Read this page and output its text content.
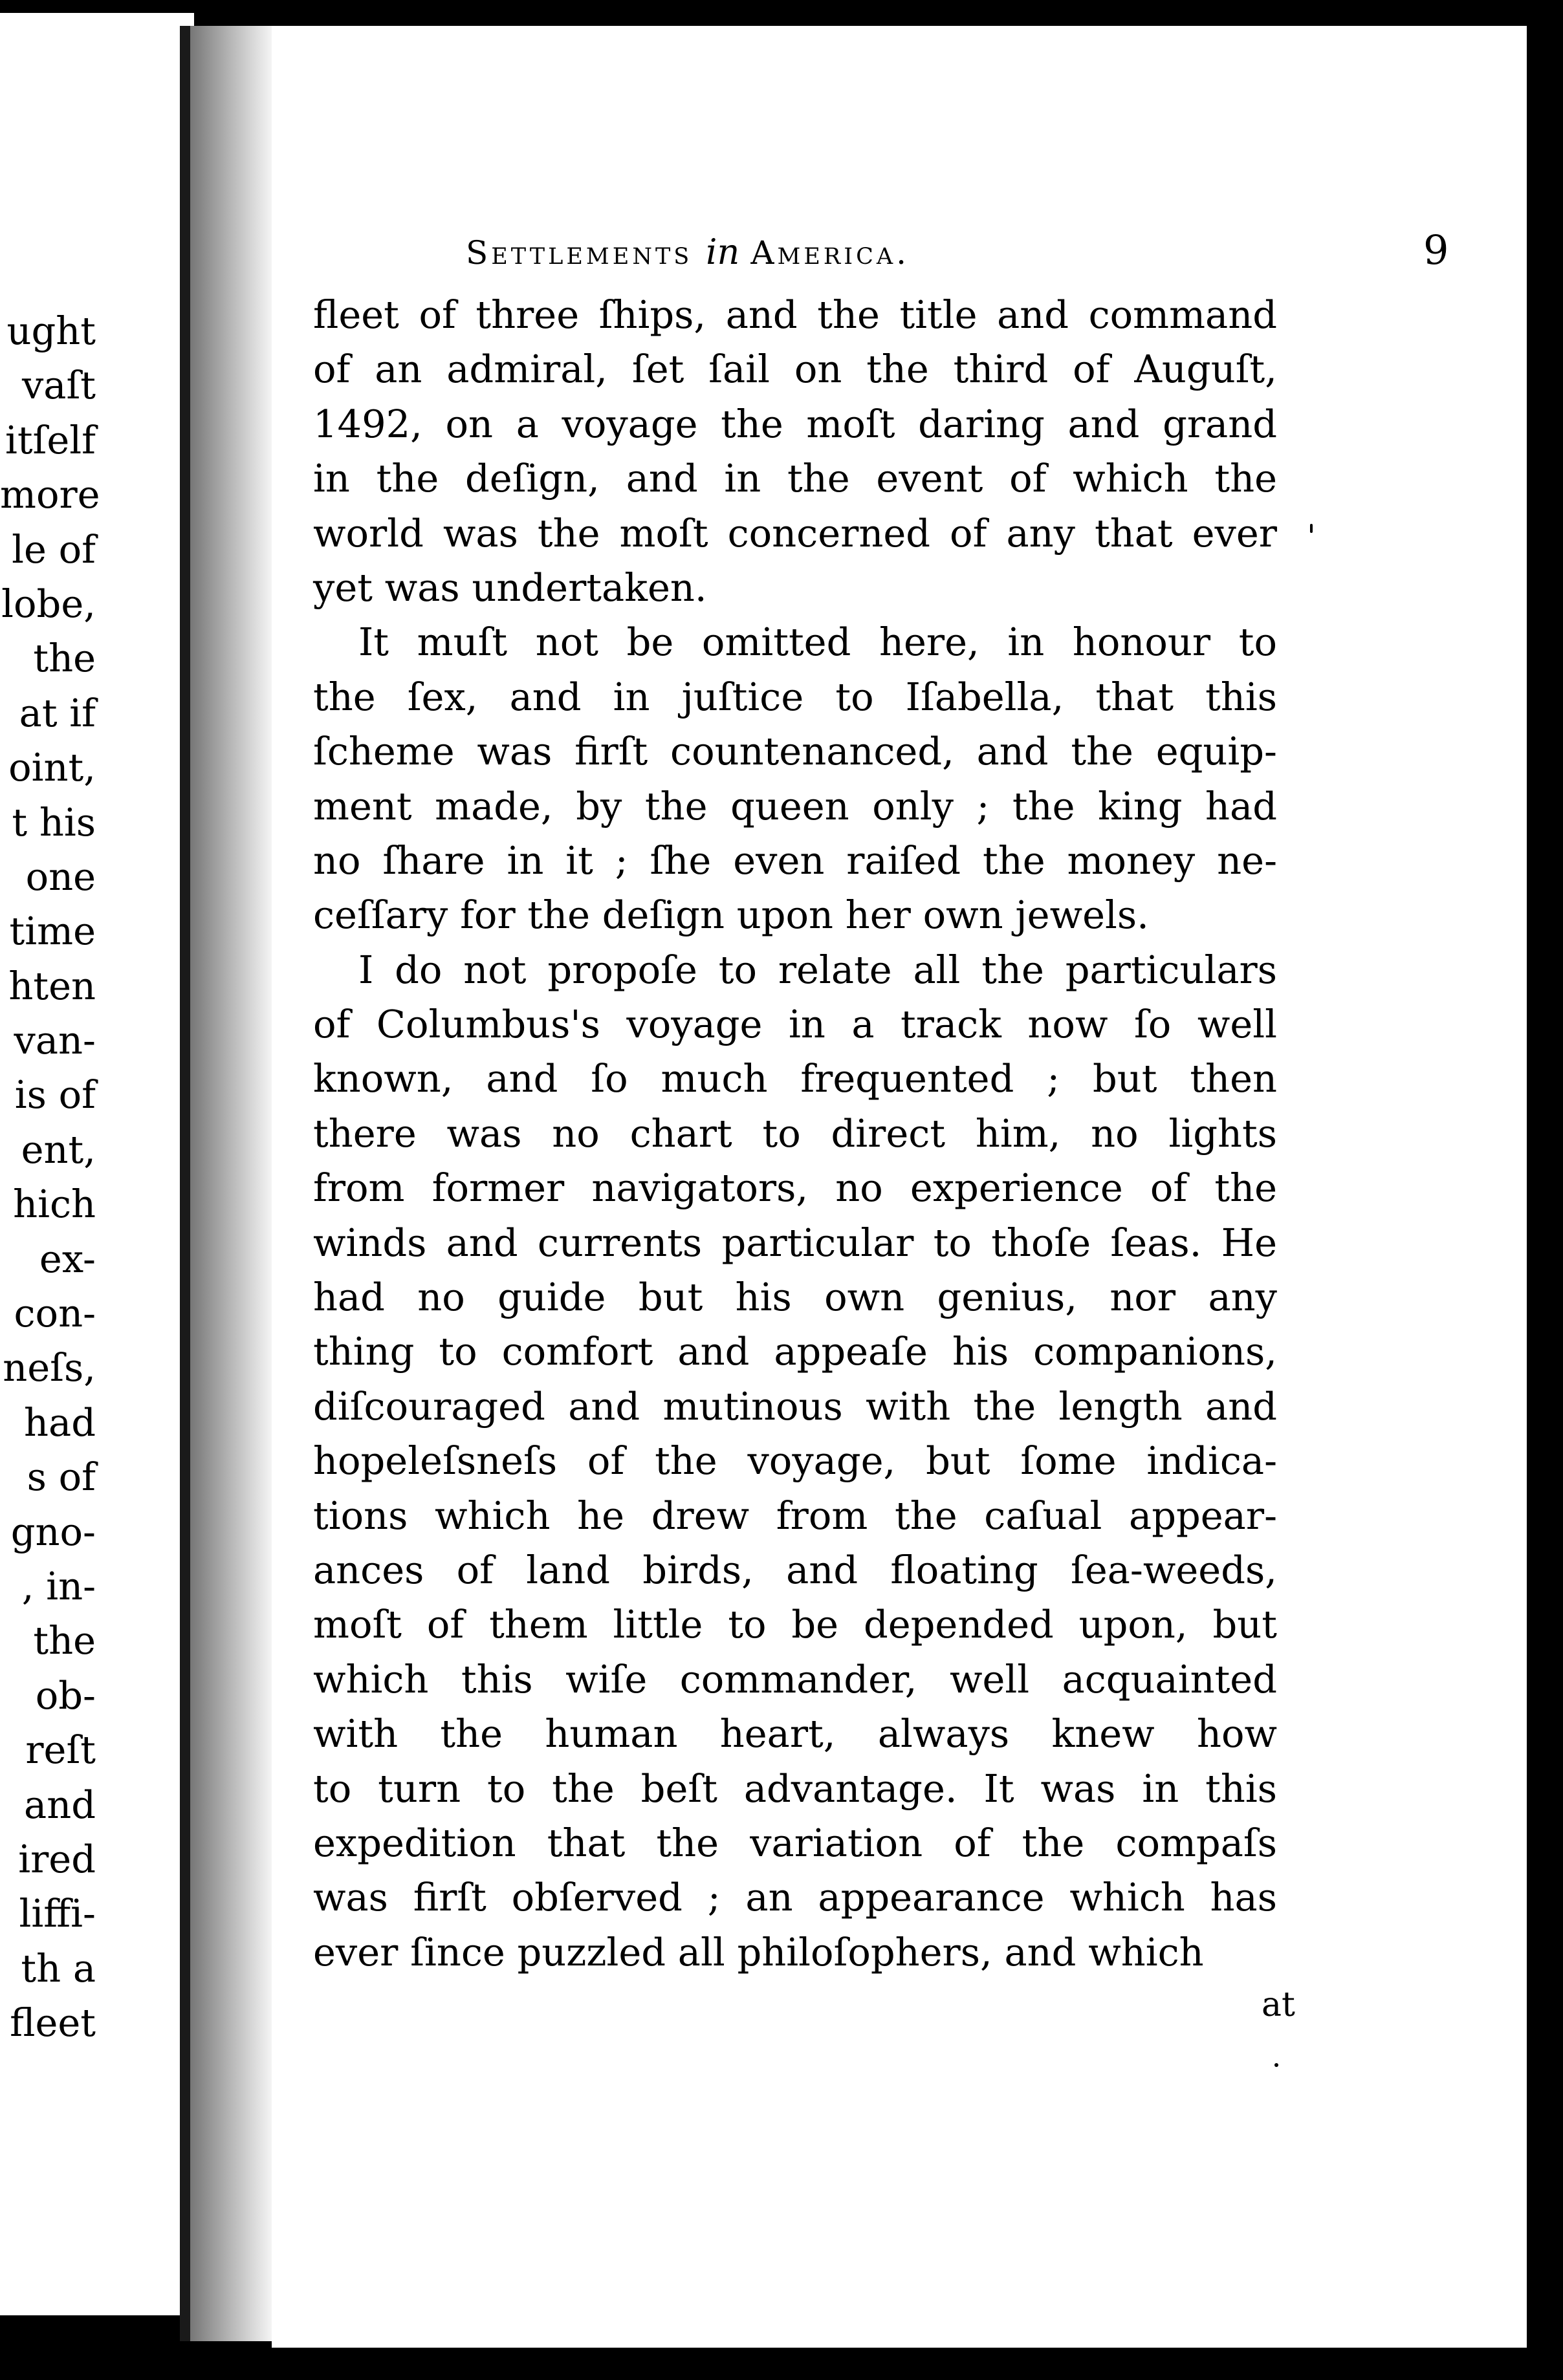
ught
vaſt
itſelf
more
le of
lobe,
the
at if
oint,
t his
one
time
hten
van-
is of
ent,
hich
ex-
con-
neſs,
had
s of
gno-
, in-
the
ob-
reſt
and
ired
liffi-
th a
fleet
Settlements in America.	9
fleet of three ſhips, and the title and command
of an admiral, ſet ſail on the third of Auguſt,
1492, on a voyage the moſt daring and grand
in the deſign, and in the event of which the
world was the moſt concerned of any that ever
yet was undertaken.
It muſt not be omitted here, in honour to
the ſex, and in juſtice to Iſabella, that this
ſcheme was firſt countenanced, and the equip-
ment made, by the queen only ; the king had
no ſhare in it ; ſhe even raiſed the money ne-
ceſſary for the deſign upon her own jewels.
I do not propoſe to relate all the particulars
of Columbus's voyage in a track now ſo well
known, and ſo much frequented ; but then
there was no chart to direct him, no lights
from former navigators, no experience of the
winds and currents particular to thoſe ſeas. He
had no guide but his own genius, nor any
thing to comfort and appeaſe his companions,
diſcouraged and mutinous with the length and
hopeleſsneſs of the voyage, but ſome indica-
tions which he drew from the caſual appear-
ances of land birds, and floating ſea-weeds,
moſt of them little to be depended upon, but
which this wiſe commander, well acquainted
with the human heart, always knew how
to turn to the beſt advantage. It was in this
expedition that the variation of the compaſs
was firſt obſerved ; an appearance which has
ever ſince puzzled all philoſophers, and which
at
